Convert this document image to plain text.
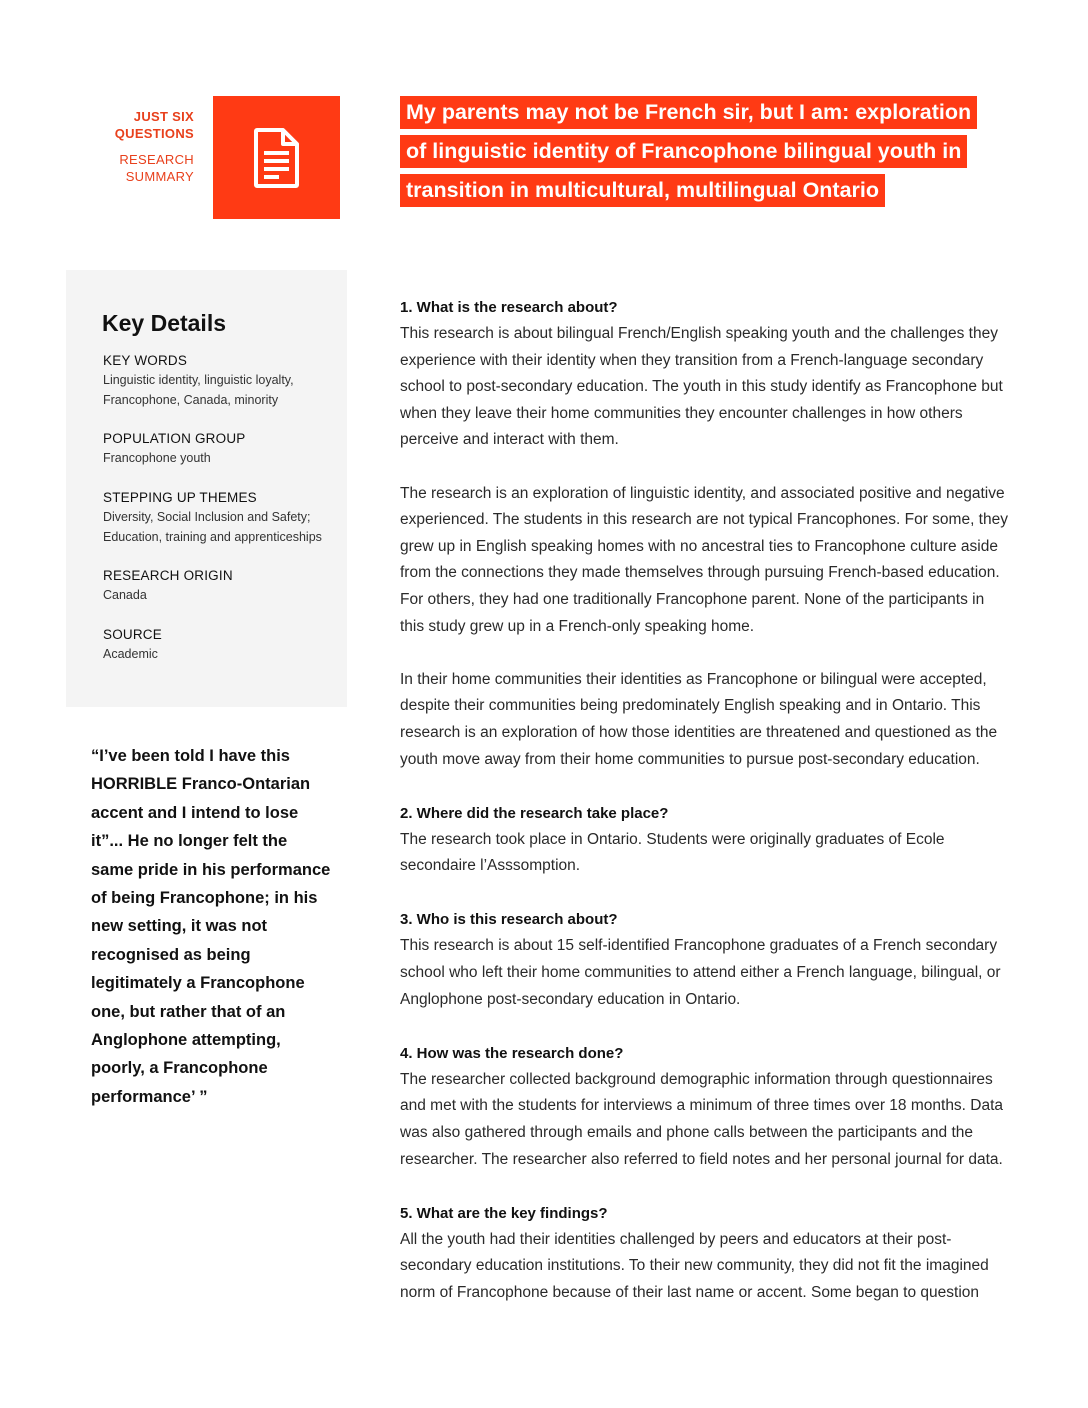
JUST SIX
QUESTIONS
RESEARCH
SUMMARY
My parents may not be French sir, but I am: exploration
of linguistic identity of Francophone bilingual youth in
transition in multicultural, multilingual Ontario
Key Details
KEY WORDS
Linguistic identity, linguistic loyalty, Francophone, Canada, minority
POPULATION GROUP
Francophone youth
STEPPING UP THEMES
Diversity, Social Inclusion and Safety; Education, training and apprenticeships
RESEARCH ORIGIN
Canada
SOURCE
Academic
“I’ve been told I have this HORRIBLE Franco-Ontarian accent and I intend to lose it”... He no longer felt the same pride in his performance of being Francophone; in his new setting, it was not recognised as being legitimately a Francophone one, but rather that of an Anglophone attempting, poorly, a Francophone performance’ ”
1. What is the research about?

This research is about bilingual French/English speaking youth and the challenges they experience with their identity when they transition from a French-language secondary school to post-secondary education. The youth in this study identify as Francophone but when they leave their home communities they encounter challenges in how others perceive and interact with them.

The research is an exploration of linguistic identity, and associated positive and negative experienced. The students in this research are not typical Francophones. For some, they grew up in English speaking homes with no ancestral ties to Francophone culture aside from the connections they made themselves through pursuing French-based education. For others, they had one traditionally Francophone parent. None of the participants in this study grew up in a French-only speaking home.

In their home communities their identities as Francophone or bilingual were accepted, despite their communities being predominately English speaking and in Ontario. This research is an exploration of how those identities are threatened and questioned as the youth move away from their home communities to pursue post-secondary education.

2. Where did the research take place?

The research took place in Ontario. Students were originally graduates of Ecole secondaire l’Asssomption.

3. Who is this research about?

This research is about 15 self-identified Francophone graduates of a French secondary school who left their home communities to attend either a French language, bilingual, or Anglophone post-secondary education in Ontario.

4. How was the research done?

The researcher collected background demographic information through questionnaires and met with the students for interviews a minimum of three times over 18 months. Data was also gathered through emails and phone calls between the participants and the researcher. The researcher also referred to field notes and her personal journal for data.

5. What are the key findings?

All the youth had their identities challenged by peers and educators at their post-secondary education institutions. To their new community, they did not fit the imagined norm of Francophone because of their last name or accent. Some began to question
